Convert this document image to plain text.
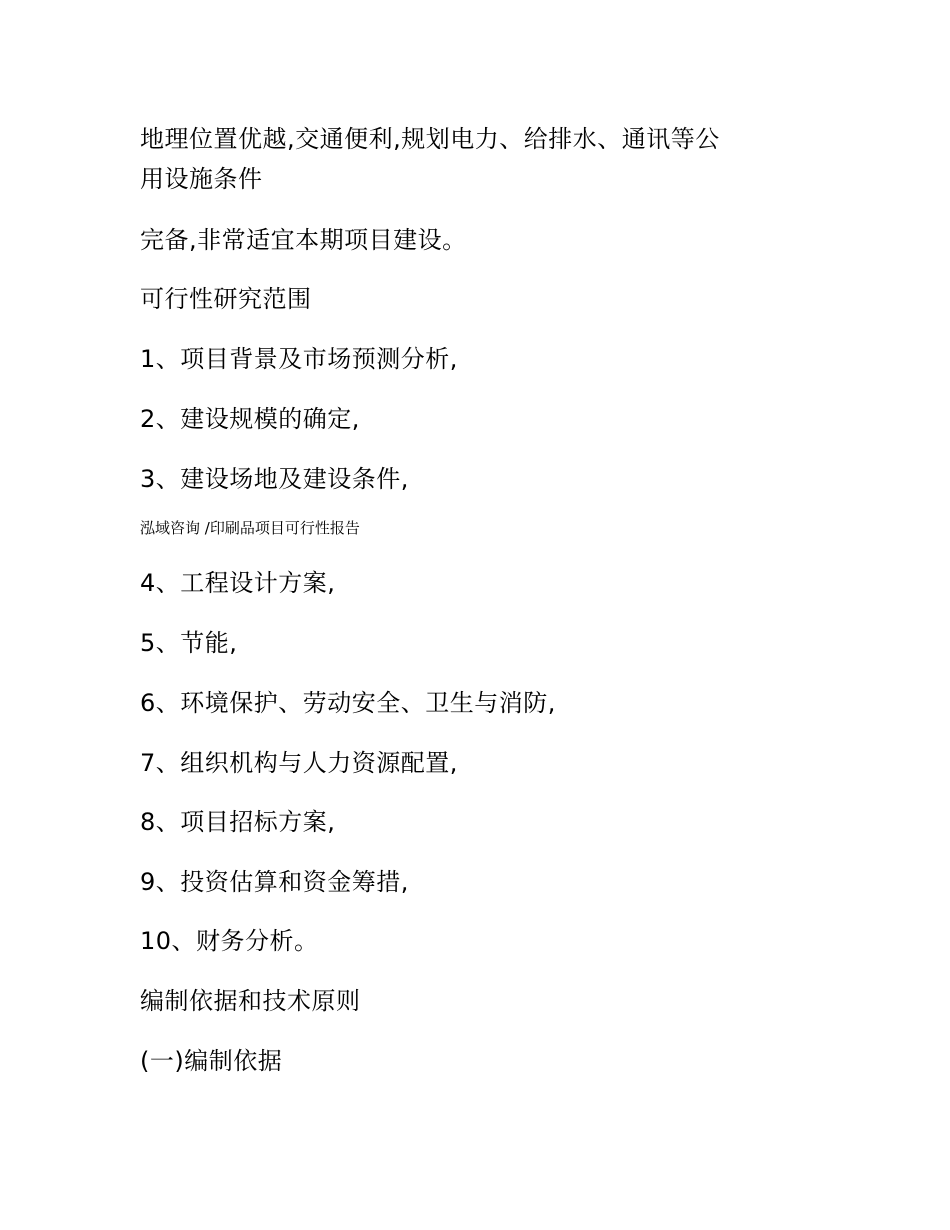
地理位置优越,交通便利,规划电力、给排水、通讯等公
用设施条件
完备,非常适宜本期项目建设。
可行性研究范围
1、项目背景及市场预测分析,
2、建设规模的确定,
3、建设场地及建设条件,
泓域咨询 /印刷品项目可行性报告
4、工程设计方案,
5、节能,
6、环境保护、劳动安全、卫生与消防,
7、组织机构与人力资源配置,
8、项目招标方案,
9、投资估算和资金筹措,
10、财务分析。
编制依据和技术原则
(一)编制依据
